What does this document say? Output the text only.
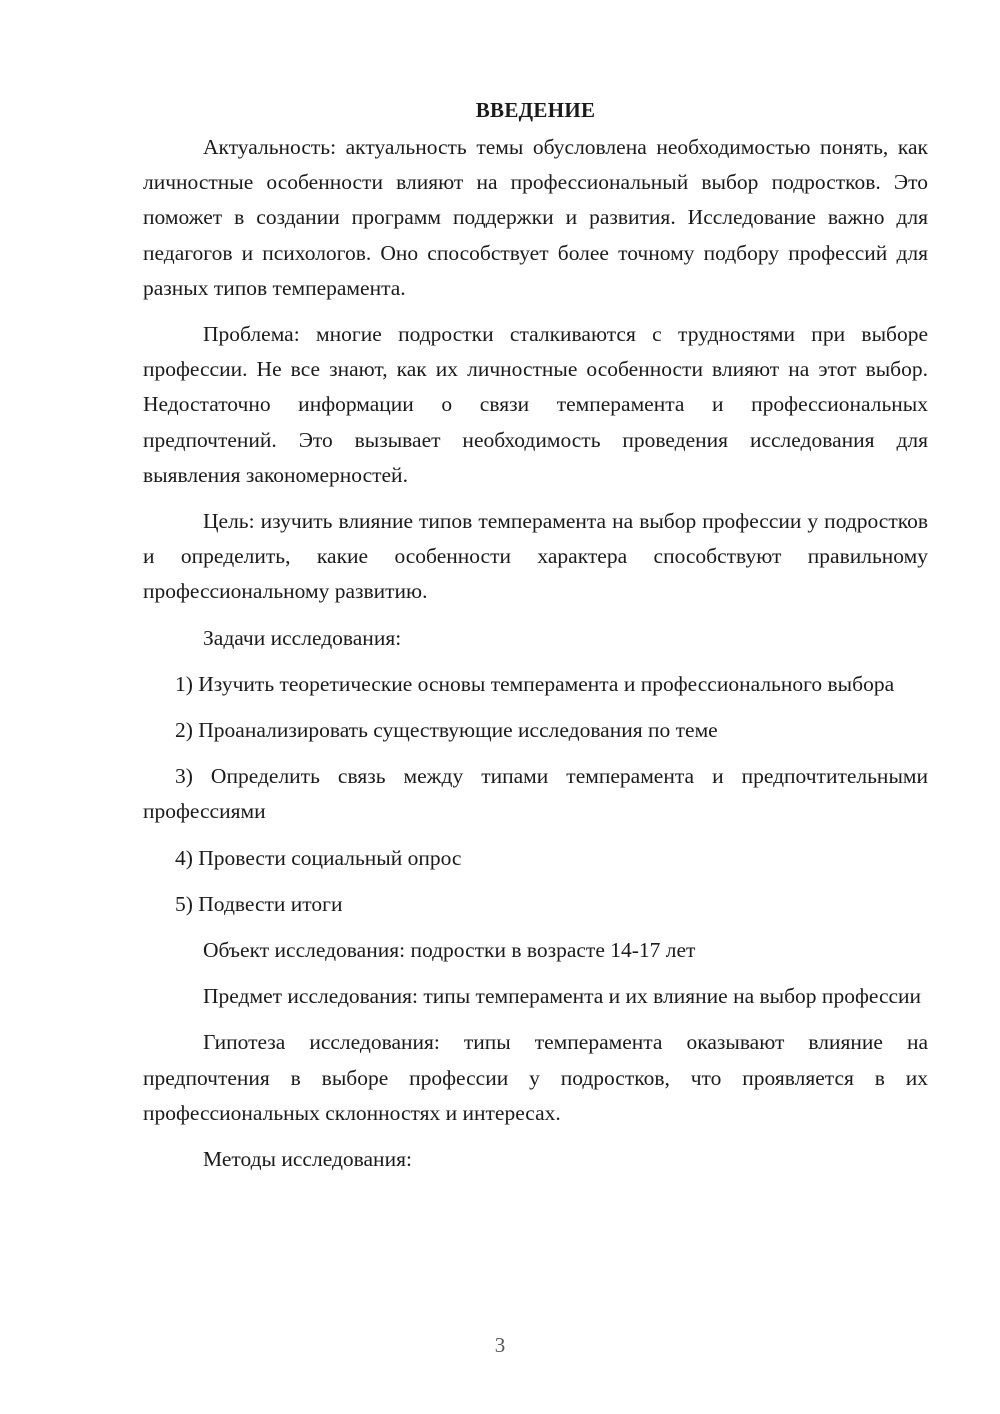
ВВЕДЕНИЕ

Актуальность: актуальность темы обусловлена необходимостью понять, как личностные особенности влияют на профессиональный выбор подростков. Это поможет в создании программ поддержки и развития. Исследование важно для педагогов и психологов. Оно способствует более точному подбору профессий для разных типов темперамента.

Проблема: многие подростки сталкиваются с трудностями при выборе профессии. Не все знают, как их личностные особенности влияют на этот выбор. Недостаточно информации о связи темперамента и профессиональных предпочтений. Это вызывает необходимость проведения исследования для выявления закономерностей.

Цель: изучить влияние типов темперамента на выбор профессии у подростков и определить, какие особенности характера способствуют правильному профессиональному развитию.

Задачи исследования:

1) Изучить теоретические основы темперамента и профессионального выбора

2) Проанализировать существующие исследования по теме

3) Определить связь между типами темперамента и предпочтительными профессиями

4) Провести социальный опрос

5) Подвести итоги

Объект исследования: подростки в возрасте 14-17 лет

Предмет исследования: типы темперамента и их влияние на выбор профессии

Гипотеза исследования: типы темперамента оказывают влияние на предпочтения в выборе профессии у подростков, что проявляется в их профессиональных склонностях и интересах.

Методы исследования:

3
